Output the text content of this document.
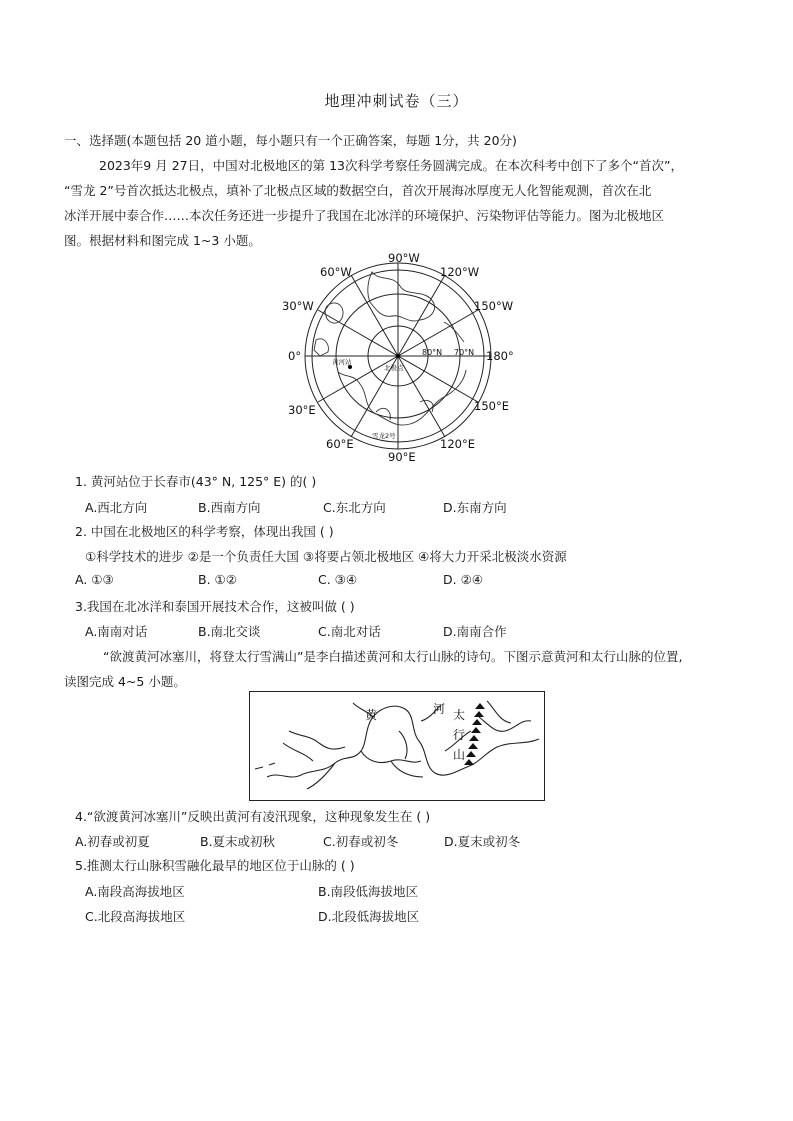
地理冲刺试卷（三）
一、选择题(本题包括 20 道小题，每小题只有一个正确答案，每题 1分，共 20分)
2023年9 月 27日，中国对北极地区的第 13次科学考察任务圆满完成。在本次科考中创下了多个“首次”，
“雪龙 2”号首次抵达北极点，填补了北极点区域的数据空白，首次开展海冰厚度无人化智能观测，首次在北
冰洋开展中泰合作……本次任务还进一步提升了我国在北冰洋的环境保护、污染物评估等能力。图为北极地区
图。根据材料和图完成 1~3 小题。
90°W
60°W	120°W
30°W	150°W
0°	180°
30°E	150°E
60°E	120°E
90°E
80°N 70°N
黄河站
北极点
雪龙2号
1. 黄河站位于长春市(43° N, 125° E) 的( )
A.西北方向	B.西南方向	C.东北方向	D.东南方向
2. 中国在北极地区的科学考察，体现出我国 ( )
①科学技术的进步 ②是一个负责任大国 ③将要占领北极地区 ④将大力开采北极淡水资源
A. ①③	B. ①②	C. ③④	D. ②④
3.我国在北冰洋和泰国开展技术合作，这被叫做 ( )
A.南南对话	B.南北交谈	C.南北对话	D.南南合作
“欲渡黄河冰塞川，将登太行雪满山”是李白描述黄河和太行山脉的诗句。下图示意黄河和太行山脉的位置,
读图完成 4~5 小题。
黄	河 太
行
山
4.“欲渡黄河冰塞川”反映出黄河有凌汛现象，这种现象发生在 ( )
A.初春或初夏	B.夏末或初秋	C.初春或初冬	D.夏末或初冬
5.推测太行山脉积雪融化最早的地区位于山脉的 ( )
A.南段高海拔地区	B.南段低海拔地区
C.北段高海拔地区	D.北段低海拔地区
